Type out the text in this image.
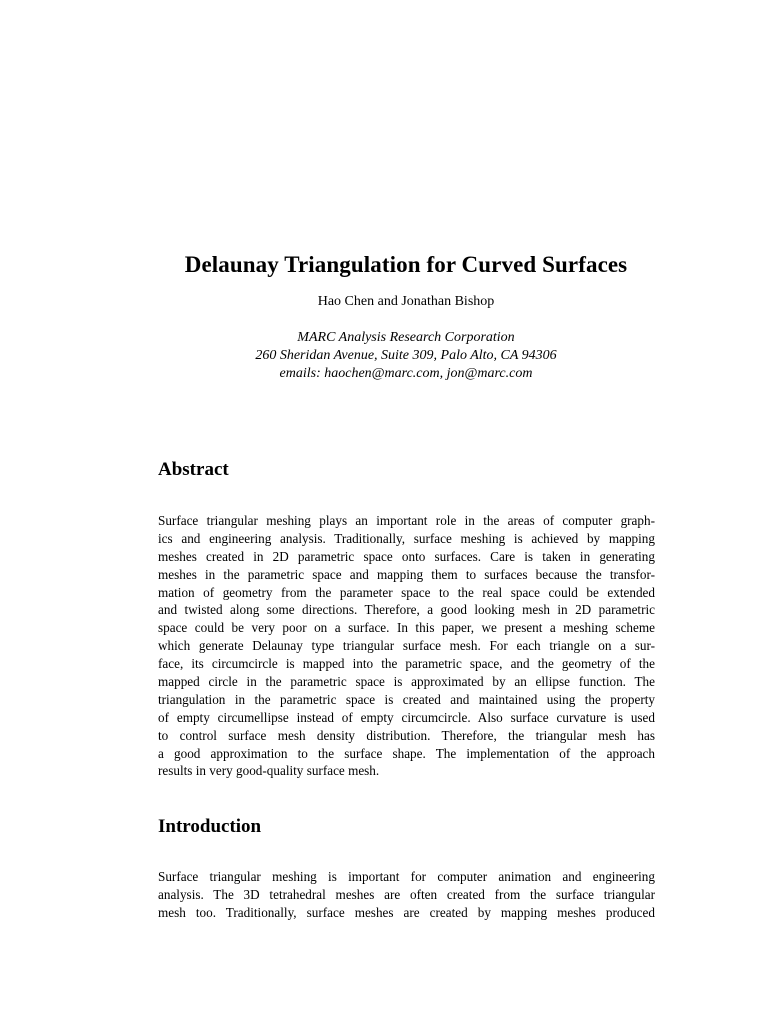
Delaunay Triangulation for Curved Surfaces
Hao Chen and Jonathan Bishop
MARC Analysis Research Corporation
260 Sheridan Avenue, Suite 309, Palo Alto, CA 94306
emails: haochen@marc.com, jon@marc.com
Abstract
Surface triangular meshing plays an important role in the areas of computer graph-
ics and engineering analysis. Traditionally, surface meshing is achieved by mapping
meshes created in 2D parametric space onto surfaces. Care is taken in generating
meshes in the parametric space and mapping them to surfaces because the transfor-
mation of geometry from the parameter space to the real space could be extended
and twisted along some directions. Therefore, a good looking mesh in 2D parametric
space could be very poor on a surface. In this paper, we present a meshing scheme
which generate Delaunay type triangular surface mesh. For each triangle on a sur-
face, its circumcircle is mapped into the parametric space, and the geometry of the
mapped circle in the parametric space is approximated by an ellipse function. The
triangulation in the parametric space is created and maintained using the property
of empty circumellipse instead of empty circumcircle. Also surface curvature is used
to control surface mesh density distribution. Therefore, the triangular mesh has
a good approximation to the surface shape. The implementation of the approach
results in very good-quality surface mesh.
Introduction
Surface triangular meshing is important for computer animation and engineering
analysis. The 3D tetrahedral meshes are often created from the surface triangular
mesh too. Traditionally, surface meshes are created by mapping meshes produced
